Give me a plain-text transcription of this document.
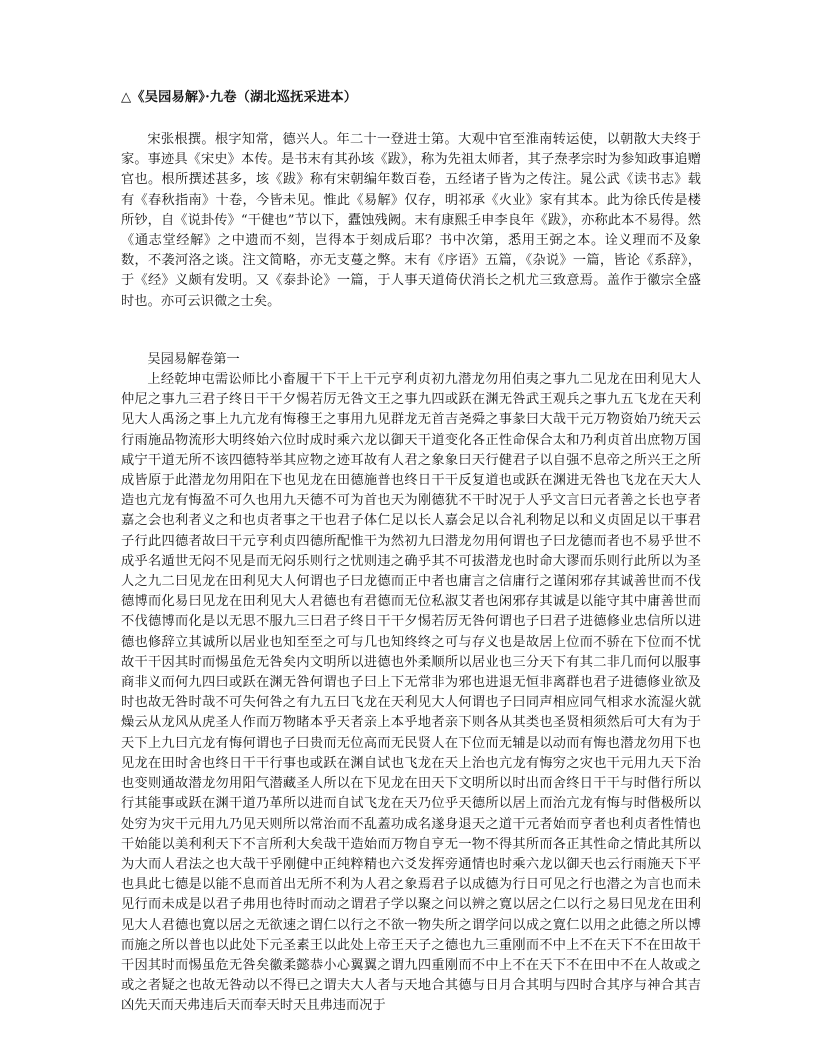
△《吴园易解》·九卷（湖北巡抚采进本）

宋张根撰。根字知常，德兴人。年二十一登进士第。大观中官至淮南转运使，以朝散大夫终于家。事迹具《宋史》本传。是书末有其孙垓《跋》，称为先祖太师者，其子焘孝宗时为参知政事追赠官也。根所撰述甚多，垓《跋》称有宋朝编年数百卷，五经诸子皆为之传注。晁公武《读书志》载有《春秋指南》十卷，今皆未见。惟此《易解》仅存，明祁承《火业》家有其本。此为徐氏传是楼所钞，自《说卦传》“干健也”节以下，蠹蚀残阙。末有康熙壬申李良年《跋》，亦称此本不易得。然《通志堂经解》之中遗而不刻，岂得本于刻成后耶？书中次第，悉用王弼之本。诠义理而不及象数，不袭河洛之谈。注文简略，亦无支蔓之弊。末有《序语》五篇，《杂说》一篇，皆论《系辞》，于《经》义颇有发明。又《泰卦论》一篇，于人事天道倚伏消长之机尤三致意焉。盖作于徽宗全盛时也。亦可云识微之士矣。

吴园易解卷第一

上经乾坤屯需讼师比小畜履干下干上干元亨利贞初九潜龙勿用伯夷之事九二见龙在田利见大人仲尼之事九三君子终日干干夕惕若厉无咎文王之事九四或跃在渊无咎武王观兵之事九五飞龙在天利见大人禹汤之事上九亢龙有悔穆王之事用九见群龙无首吉尧舜之事彖曰大哉干元万物资始乃统天云行雨施品物流形大明终始六位时成时乘六龙以御天干道变化各正性命保合太和乃利贞首出庶物万国咸宁干道无所不该四德特举其应物之迹耳故有人君之象象曰天行健君子以自强不息帝之所兴王之所成皆原于此潜龙勿用阳在下也见龙在田德施普也终日干干反复道也或跃在渊进无咎也飞龙在天大人造也亢龙有悔盈不可久也用九天德不可为首也天为刚德犹不干时况于人乎文言曰元者善之长也亨者嘉之会也利者义之和也贞者事之干也君子体仁足以长人嘉会足以合礼利物足以和义贞固足以干事君子行此四德者故曰干元亨利贞四德所配惟干为然初九曰潜龙勿用何谓也子曰龙德而者也不易乎世不成乎名遁世无闷不见是而无闷乐则行之忧则违之确乎其不可拔潜龙也时命大谬而乐则行此所以为圣人之九二曰见龙在田利见大人何谓也子曰龙德而正中者也庸言之信庸行之谨闲邪存其诚善世而不伐德博而化易曰见龙在田利见大人君德也有君德而无位私淑艾者也闲邪存其诚是以能守其中庸善世而不伐德博而化是以无思不服九三曰君子终日干干夕惕若厉无咎何谓也子曰君子进德修业忠信所以进德也修辞立其诚所以居业也知至至之可与几也知终终之可与存义也是故居上位而不骄在下位而不忧故干干因其时而惕虽危无咎矣内文明所以进德也外柔顺所以居业也三分天下有其二非几而何以服事商非义而何九四曰或跃在渊无咎何谓也子曰上下无常非为邪也进退无恒非离群也君子进德修业欲及时也故无咎时哉不可失何咎之有九五曰飞龙在天利见大人何谓也子曰同声相应同气相求水流湿火就燥云从龙风从虎圣人作而万物睹本乎天者亲上本乎地者亲下则各从其类也圣贤相须然后可大有为于天下上九曰亢龙有悔何谓也子曰贵而无位高而无民贤人在下位而无辅是以动而有悔也潜龙勿用下也见龙在田时舍也终日干干行事也或跃在渊自试也飞龙在天上治也亢龙有悔穷之灾也干元用九天下治也变则通故潜龙勿用阳气潜藏圣人所以在下见龙在田天下文明所以时出而舍终日干干与时偕行所以行其能事或跃在渊干道乃革所以进而自试飞龙在天乃位乎天德所以居上而治亢龙有悔与时偕极所以处穷为灾干元用九乃见天则所以常治而不乱蓋功成名遂身退天之道干元者始而亨者也利贞者性情也干始能以美利利天下不言所利大矣哉干造始而万物自亨无一物不得其所而各正其性命之情此其所以为大而人君法之也大哉干乎刚健中正纯粹精也六爻发挥旁通情也时乘六龙以御天也云行雨施天下平也具此七德是以能不息而首出无所不利为人君之象焉君子以成德为行日可见之行也潜之为言也而未见行而未成是以君子弗用也待时而动之谓君子学以聚之问以辨之寛以居之仁以行之易曰见龙在田利见大人君德也寛以居之无欲速之谓仁以行之不欲一物失所之谓学问以成之寛仁以用之此德之所以博而施之所以普也以此处下元圣素王以此处上帝王天子之德也九三重刚而不中上不在天下不在田故干干因其时而惕虽危无咎矣徽柔懿恭小心翼翼之谓九四重刚而不中上不在天下不在田中不在人故或之或之者疑之也故无咎动以不得已之谓夫大人者与天地合其德与日月合其明与四时合其序与神合其吉凶先天而天弗违后天而奉天时天且弗违而况于
